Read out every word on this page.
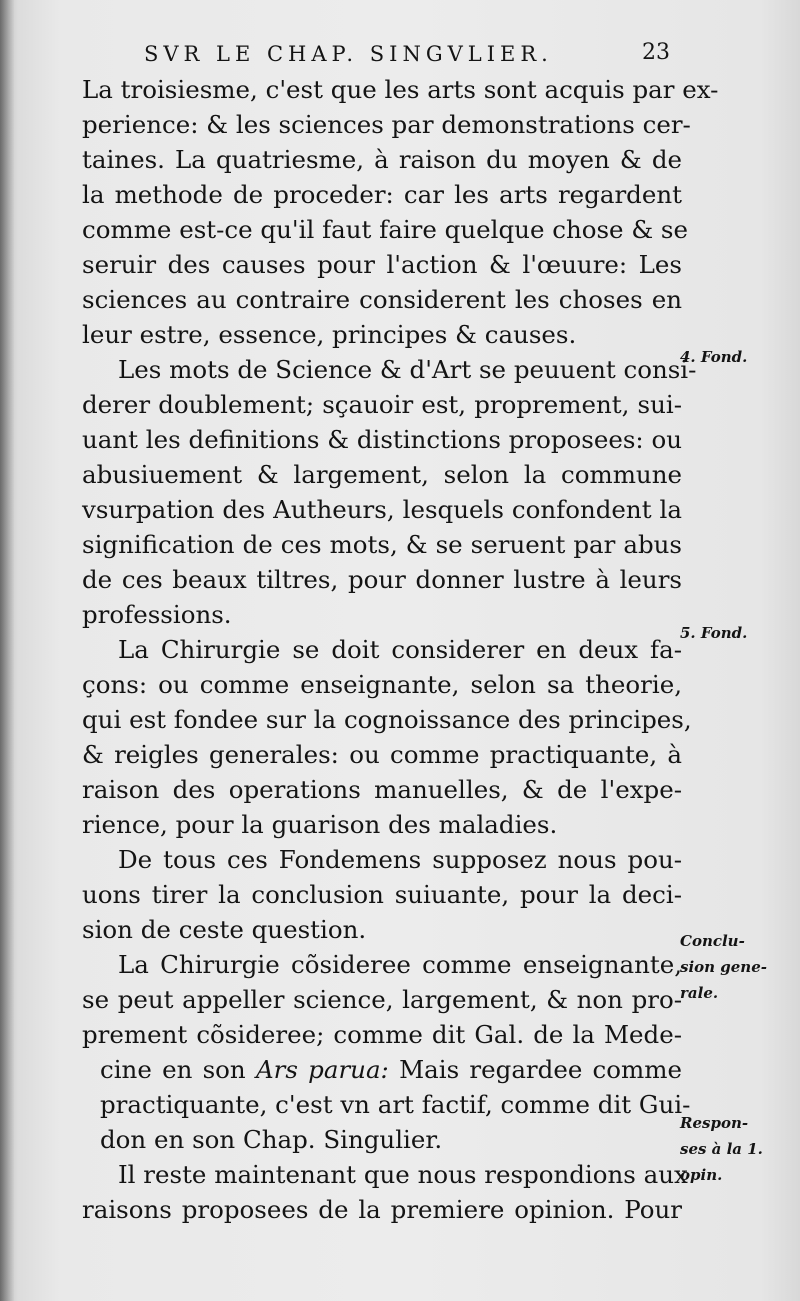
SVR LE CHAP. SINGVLIER.	23
La troisiesme, c'est que les arts sont acquis par ex-
perience: & les sciences par demonstrations cer-
taines. La quatriesme, à raison du moyen & de
la methode de proceder: car les arts regardent
comme est-ce qu'il faut faire quelque chose & se
seruir des causes pour l'action & l'œuure: Les
sciences au contraire considerent les choses en
leur estre, essence, principes & causes.
Les mots de Science & d'Art se peuuent consi-
derer doublement; sçauoir est, proprement, sui-
uant les definitions & distinctions proposees: ou
abusiuement & largement, selon la commune
vsurpation des Autheurs, lesquels confondent la
signification de ces mots, & se seruent par abus
de ces beaux tiltres, pour donner lustre à leurs
professions.
La Chirurgie se doit considerer en deux fa-
çons: ou comme enseignante, selon sa theorie,
qui est fondee sur la cognoissance des principes,
& reigles generales: ou comme practiquante, à
raison des operations manuelles, & de l'expe-
rience, pour la guarison des maladies.
De tous ces Fondemens supposez nous pou-
uons tirer la conclusion suiuante, pour la deci-
sion de ceste question.
La Chirurgie cõsideree comme enseignante,
se peut appeller science, largement, & non pro-
prement cõsideree; comme dit Gal. de la Mede-
cine en son Ars parua: Mais regardee comme
practiquante, c'est vn art factif, comme dit Gui-
don en son Chap. Singulier.
Il reste maintenant que nous respondions aux
raisons proposees de la premiere opinion. Pour
4. Fond.
5. Fond.
Conclu-
sion gene-
rale.
Respon-
ses à la 1.
opin.
